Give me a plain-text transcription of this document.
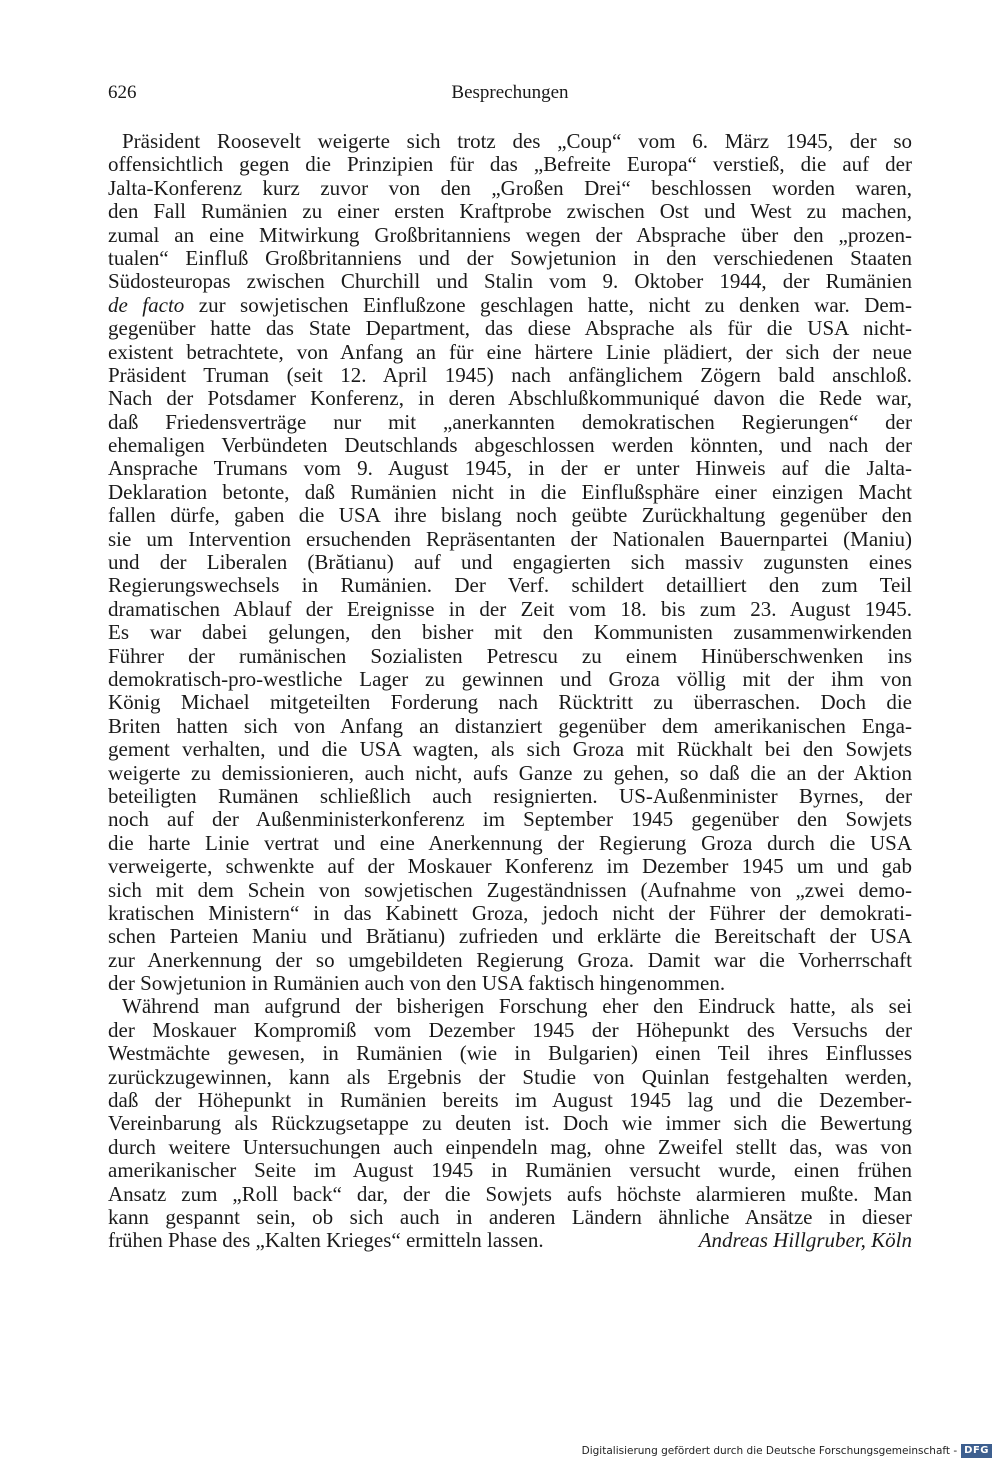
626	Besprechungen
Präsident Roosevelt weigerte sich trotz des „Coup“ vom 6. März 1945, der so
offensichtlich gegen die Prinzipien für das „Befreite Europa“ verstieß, die auf der
Jalta-Konferenz kurz zuvor von den „Großen Drei“ beschlossen worden waren,
den Fall Rumänien zu einer ersten Kraftprobe zwischen Ost und West zu machen,
zumal an eine Mitwirkung Großbritanniens wegen der Absprache über den „prozen-
tualen“ Einfluß Großbritanniens und der Sowjetunion in den verschiedenen Staaten
Südosteuropas zwischen Churchill und Stalin vom 9. Oktober 1944, der Rumänien
de facto zur sowjetischen Einflußzone geschlagen hatte, nicht zu denken war. Dem-
gegenüber hatte das State Department, das diese Absprache als für die USA nicht-
existent betrachtete, von Anfang an für eine härtere Linie plädiert, der sich der neue
Präsident Truman (seit 12. April 1945) nach anfänglichem Zögern bald anschloß.
Nach der Potsdamer Konferenz, in deren Abschlußkommuniqué davon die Rede war,
daß Friedensverträge nur mit „anerkannten demokratischen Regierungen“ der
ehemaligen Verbündeten Deutschlands abgeschlossen werden könnten, und nach der
Ansprache Trumans vom 9. August 1945, in der er unter Hinweis auf die Jalta-
Deklaration betonte, daß Rumänien nicht in die Einflußsphäre einer einzigen Macht
fallen dürfe, gaben die USA ihre bislang noch geübte Zurückhaltung gegenüber den
sie um Intervention ersuchenden Repräsentanten der Nationalen Bauernpartei (Maniu)
und der Liberalen (Brătianu) auf und engagierten sich massiv zugunsten eines
Regierungswechsels in Rumänien. Der Verf. schildert detailliert den zum Teil
dramatischen Ablauf der Ereignisse in der Zeit vom 18. bis zum 23. August 1945.
Es war dabei gelungen, den bisher mit den Kommunisten zusammenwirkenden
Führer der rumänischen Sozialisten Petrescu zu einem Hinüberschwenken ins
demokratisch-pro-westliche Lager zu gewinnen und Groza völlig mit der ihm von
König Michael mitgeteilten Forderung nach Rücktritt zu überraschen. Doch die
Briten hatten sich von Anfang an distanziert gegenüber dem amerikanischen Enga-
gement verhalten, und die USA wagten, als sich Groza mit Rückhalt bei den Sowjets
weigerte zu demissionieren, auch nicht, aufs Ganze zu gehen, so daß die an der Aktion
beteiligten Rumänen schließlich auch resignierten. US-Außenminister Byrnes, der
noch auf der Außenministerkonferenz im September 1945 gegenüber den Sowjets
die harte Linie vertrat und eine Anerkennung der Regierung Groza durch die USA
verweigerte, schwenkte auf der Moskauer Konferenz im Dezember 1945 um und gab
sich mit dem Schein von sowjetischen Zugeständnissen (Aufnahme von „zwei demo-
kratischen Ministern“ in das Kabinett Groza, jedoch nicht der Führer der demokrati-
schen Parteien Maniu und Brătianu) zufrieden und erklärte die Bereitschaft der USA
zur Anerkennung der so umgebildeten Regierung Groza. Damit war die Vorherrschaft
der Sowjetunion in Rumänien auch von den USA faktisch hingenommen.
Während man aufgrund der bisherigen Forschung eher den Eindruck hatte, als sei
der Moskauer Kompromiß vom Dezember 1945 der Höhepunkt des Versuchs der
Westmächte gewesen, in Rumänien (wie in Bulgarien) einen Teil ihres Einflusses
zurückzugewinnen, kann als Ergebnis der Studie von Quinlan festgehalten werden,
daß der Höhepunkt in Rumänien bereits im August 1945 lag und die Dezember-
Vereinbarung als Rückzugsetappe zu deuten ist. Doch wie immer sich die Bewertung
durch weitere Untersuchungen auch einpendeln mag, ohne Zweifel stellt das, was von
amerikanischer Seite im August 1945 in Rumänien versucht wurde, einen frühen
Ansatz zum „Roll back“ dar, der die Sowjets aufs höchste alarmieren mußte. Man
kann gespannt sein, ob sich auch in anderen Ländern ähnliche Ansätze in dieser
frühen Phase des „Kalten Krieges“ ermitteln lassen.	Andreas Hillgruber, Köln
Digitalisierung gefördert durch die Deutsche Forschungsgemeinschaft - DFG
